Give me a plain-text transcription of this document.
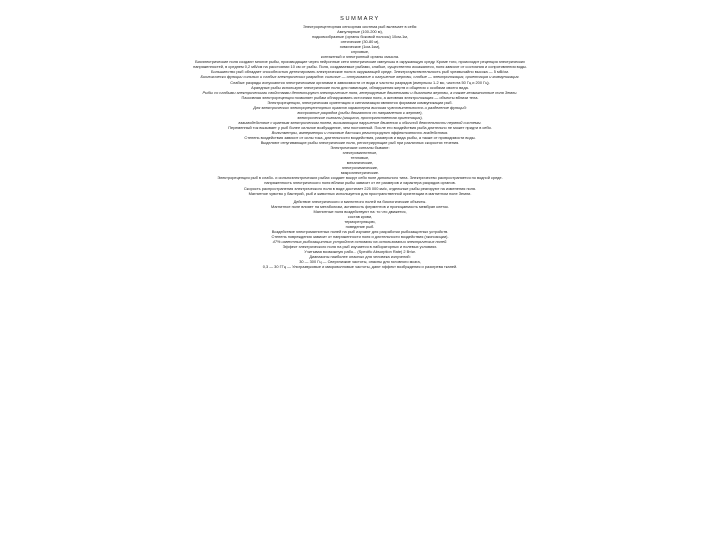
SUMMARY
Электрорецепторная сенсорная система рыб включает в себя:
Ампулярные (100-200 м),
подковообразные (органы боковой полосы) 10см-1м,
оптические (30-80 м),
химические (1см-1км),
слуховые,
контактный и электронный органы смысла.
Биоэлектрические поля создают многие рыбы, производящие через нейронные сети электрические импульсы в окружающую среду. Кроме того, происходит рецепция электрических
напряженностей, в среднем 0,2 мВ/см на расстоянии 10 см от рыбы. Поля, создаваемые рыбами, слабые, существенно искажаются, поля зависят от состояния и сопротивления воды.
Большинство рыб обладает способностью детектировать электрические поля в окружающей среде. Электрочувствительность рыб чрезвычайно высока — 5 мВ/см.
Биологически функции сильных и слабых электрических разрядов: сильные — отпугивание и оглушение жертвы, слабые — электролокация, ориентация и коммуникация.
Слабые разряды испускаются электрическими органами в зависимости от вида и частоты разрядов (импульсы 1-2 мс, частота 50 Гц и 200 Гц).
Арандные рыбы используют электрические поля для навигации, обнаружения жертв и общения с особями своего вида.
Рыбы со слабыми электрическими свойствами детектируют электрические поля, генерируемые движениями и дыханием жертвы, а также геомагнитные поля Земли.
Пассивная электрорецепция позволяет рыбам обнаруживать источники поля, а активная электролокация — объекты вблизи тела.
Электрорецепция, электрическая ориентация и сигнализация являются формами коммуникации рыб.
Для электрических электрорецепторных органов характерна высокая чувствительность и разделение функций:
восприятие разрядов (рыбы двигаются по направлению к жертве),
электрические сигналы (защита, пространственная ориентация),
взаимодействие с краевым электрическим полем, вызывающим нарушение движения и обычной деятельности нервной системы.
Переменный ток вызывает у рыб более сильное возбуждение, чем постоянный. После его воздействия рыба длительно не может придти в себя.
Вольтметры, амперметры и токовые датчики регистрируют эффективность воздействия.
Степень воздействия зависит от силы тока, длительности воздействия, размеров и вида рыбы, а также от проводимости воды.
Выделяют отпугивающие рыбы электрические поля, регистрирующие рыб при различных скоростях течения.
Электрические сигналы бывают:
электромагнитные,
тепловые,
механические,
электрохимические,
микроэлектрические.
Электрорецепция рыб в слабо- и сильноэлектрических рыбах создает вокруг себя поле дипольного типа. Электричество распространяется по водной среде.
напряженность электрического поля вблизи рыбы зависит от ее размеров и характера разрядов органов.
Скорость распространения электрического поля в воде достигает 225 000 км/с, отдельные рыбы реагируют на изменения поля.
Магнитное чувство у бактерий, рыб и животных используется для пространственной ориентации в магнитном поле Земли.
Действие электрического и магнитного полей на биологические объекты.
Магнитное поле влияет на метаболизм, активность ферментов и проницаемость мембран клеток.
Магнитные поля воздействуют на: то что движется,
состав крови,
терморегуляцию,
поведение рыб.
Воздействие электромагнитных полей на рыб изучают для разработки рыбозащитных устройств.
Степень повреждения зависит от напряженности поля и длительности воздействия (экспозиции).
47% известных рыбозащитных устройств основаны на использовании электрических полей.
Эффект электрического поля на рыб изучается в лабораторных и полевых условиях.
Учитывая возможную рабо... (Specific Absorption Rate) 2 Вт/кг.
Диапазоны наиболее опасных для человека излучений:
30 — 300 Гц — Сверхнизкие частоты, опасны для головного мозга,
0,3 — 30 ГГц — Ультразвуковые и микроволновые частоты, дают эффект возбуждения и разогрева тканей.
